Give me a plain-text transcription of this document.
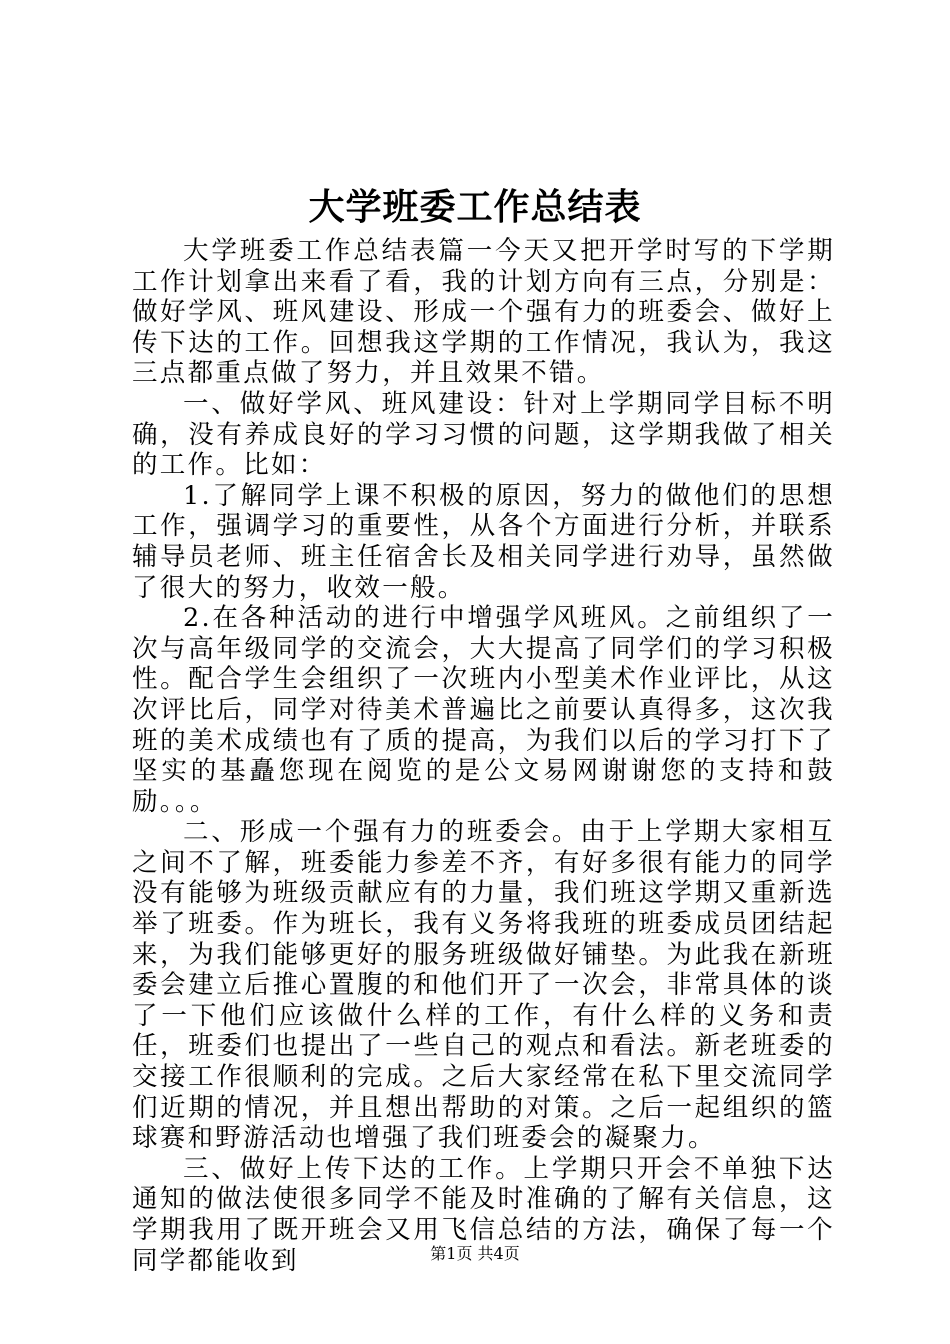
大学班委工作总结表

大学班委工作总结表篇一今天又把开学时写的下学期工作计划拿出来看了看，我的计划方向有三点，分别是：做好学风、班风建设、形成一个强有力的班委会、做好上传下达的工作。回想我这学期的工作情况，我认为，我这三点都重点做了努力，并且效果不错。

一、做好学风、班风建设：针对上学期同学目标不明确，没有养成良好的学习习惯的问题，这学期我做了相关的工作。比如：

1.了解同学上课不积极的原因，努力的做他们的思想工作，强调学习的重要性，从各个方面进行分析，并联系辅导员老师、班主任宿舍长及相关同学进行劝导，虽然做了很大的努力，收效一般。

2.在各种活动的进行中增强学风班风。之前组织了一次与高年级同学的交流会，大大提高了同学们的学习积极性。配合学生会组织了一次班内小型美术作业评比，从这次评比后，同学对待美术普遍比之前要认真得多，这次我班的美术成绩也有了质的提高，为我们以后的学习打下了坚实的基矗您现在阅览的是公文易网谢谢您的支持和鼓励。。。

二、形成一个强有力的班委会。由于上学期大家相互之间不了解，班委能力参差不齐，有好多很有能力的同学没有能够为班级贡献应有的力量，我们班这学期又重新选举了班委。作为班长，我有义务将我班的班委成员团结起来，为我们能够更好的服务班级做好铺垫。为此我在新班委会建立后推心置腹的和他们开了一次会，非常具体的谈了一下他们应该做什么样的工作，有什么样的义务和责任，班委们也提出了一些自己的观点和看法。新老班委的交接工作很顺利的完成。之后大家经常在私下里交流同学们近期的情况，并且想出帮助的对策。之后一起组织的篮球赛和野游活动也增强了我们班委会的凝聚力。

三、做好上传下达的工作。上学期只开会不单独下达通知的做法使很多同学不能及时准确的了解有关信息，这学期我用了既开班会又用飞信总结的方法，确保了每一个同学都能收到	第1页 共4页
